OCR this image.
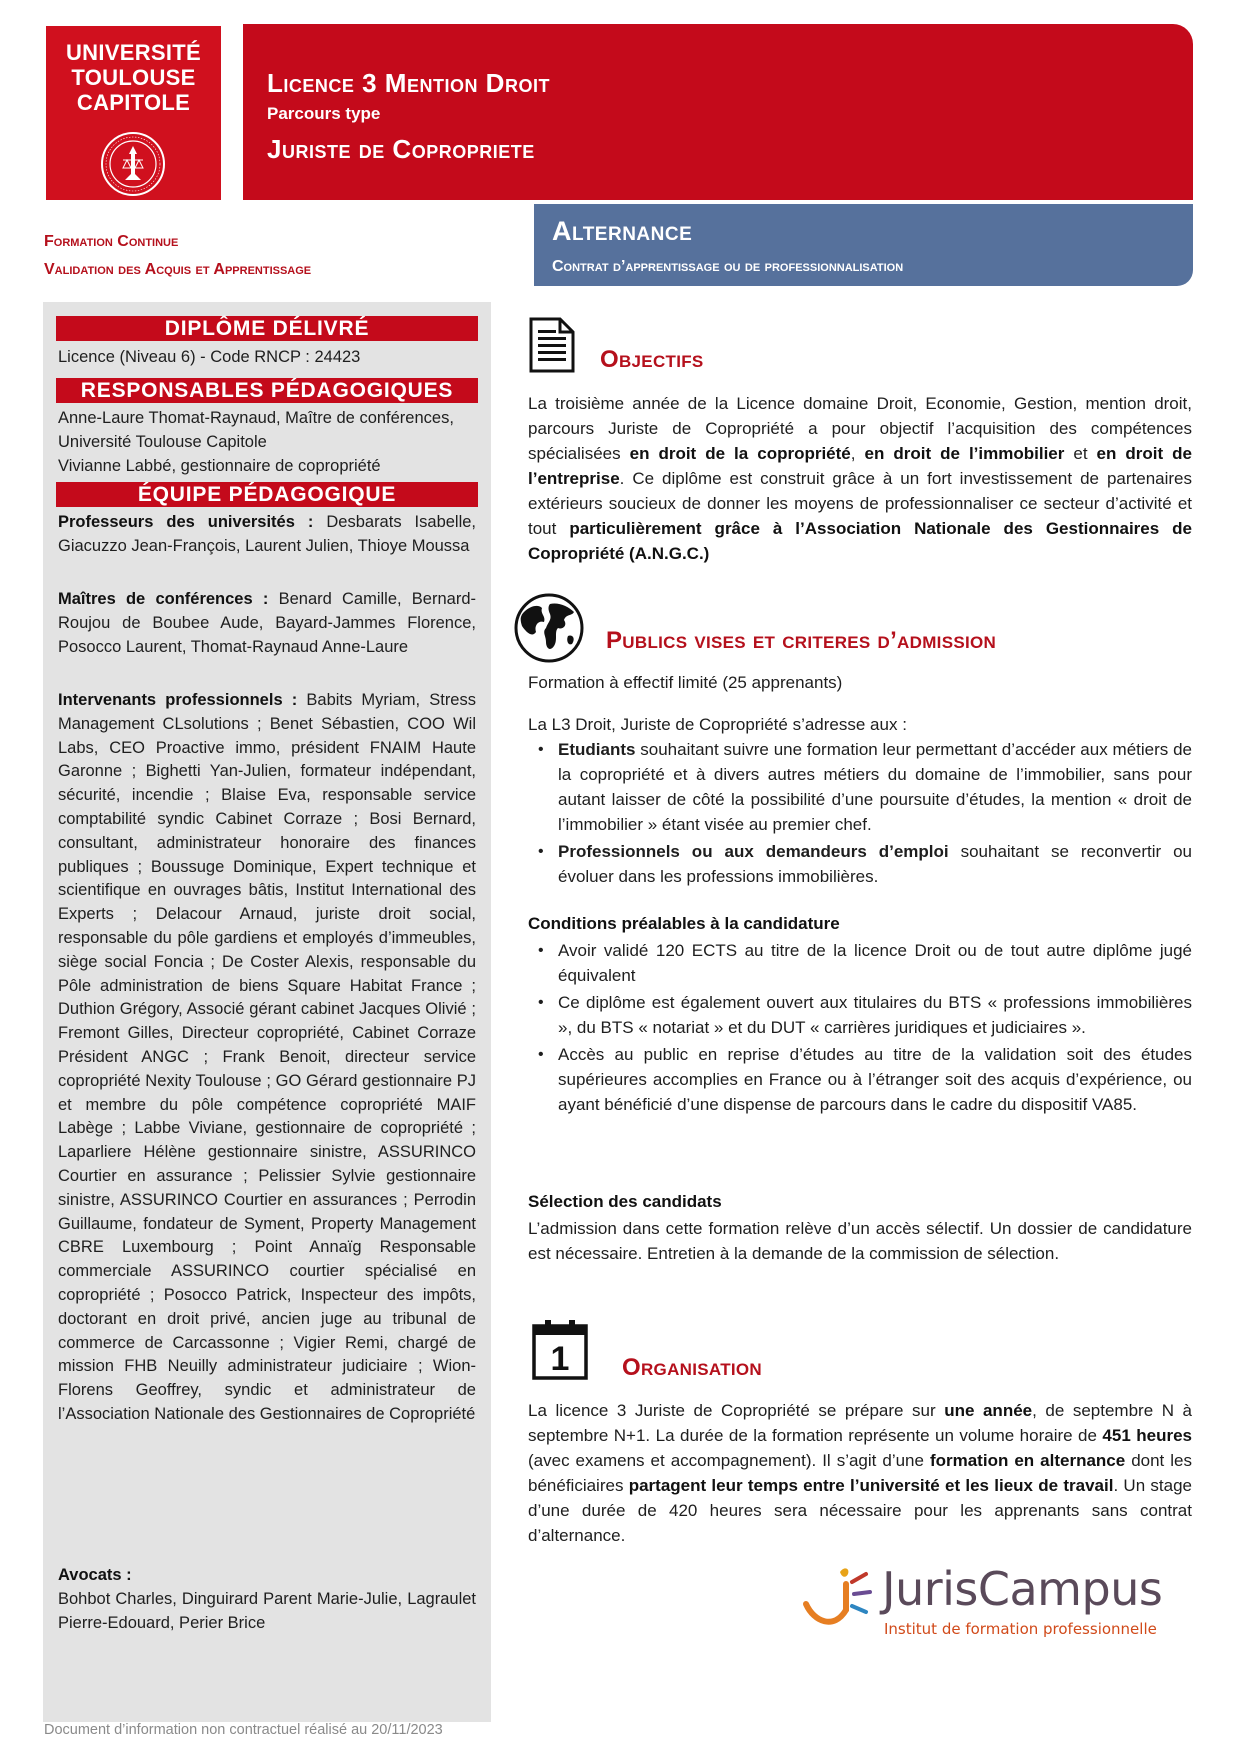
UNIVERSITÉ
TOULOUSE
CAPITOLE
Licence 3 Mention Droit
Parcours type
Juriste de Copropriete
Formation Continue
Validation des Acquis et Apprentissage
Alternance
Contrat d’apprentissage ou de professionnalisation
DIPLÔME DÉLIVRÉ
Licence (Niveau 6) - Code RNCP : 24423
RESPONSABLES PÉDAGOGIQUES
Anne-Laure Thomat-Raynaud, Maître de conférences, Université Toulouse Capitole
Vivianne Labbé, gestionnaire de copropriété
ÉQUIPE PÉDAGOGIQUE
Professeurs des universités : Desbarats Isabelle, Giacuzzo Jean-François, Laurent Julien, Thioye Moussa
Maîtres de conférences : Benard Camille, Bernard-Roujou de Boubee Aude, Bayard-Jammes Florence, Posocco Laurent, Thomat-Raynaud Anne-Laure
Intervenants professionnels : Babits Myriam, Stress Management CLsolutions ; Benet Sébastien, COO Wil Labs, CEO Proactive immo, président FNAIM Haute Garonne ; Bighetti Yan-Julien, formateur indépendant, sécurité, incendie ; Blaise Eva, responsable service comptabilité syndic Cabinet Corraze ; Bosi Bernard, consultant, administrateur honoraire des finances publiques ; Boussuge Dominique, Expert technique et scientifique en ouvrages bâtis, Institut International des Experts ; Delacour Arnaud, juriste droit social, responsable du pôle gardiens et employés d’immeubles, siège social Foncia ; De Coster Alexis, responsable du Pôle administration de biens Square Habitat France ; Duthion Grégory, Associé gérant cabinet Jacques Olivié ; Fremont Gilles, Directeur copropriété, Cabinet Corraze Président ANGC ; Frank Benoit, directeur service copropriété Nexity Toulouse ; GO Gérard gestionnaire PJ et membre du pôle compétence copropriété MAIF Labège ; Labbe Viviane, gestionnaire de copropriété ; Laparliere Hélène gestionnaire sinistre, ASSURINCO Courtier en assurance ; Pelissier Sylvie gestionnaire sinistre, ASSURINCO Courtier en assurances ; Perrodin Guillaume, fondateur de Syment, Property Management CBRE Luxembourg ; Point Annaïg Responsable commerciale ASSURINCO courtier spécialisé en copropriété ; Posocco Patrick, Inspecteur des impôts, doctorant en droit privé, ancien juge au tribunal de commerce de Carcassonne ; Vigier Remi, chargé de mission FHB Neuilly administrateur judiciaire ; Wion-Florens Geoffrey, syndic et administrateur de l’Association Nationale des Gestionnaires de Copropriété
Avocats :
Bohbot Charles, Dinguirard Parent Marie-Julie, Lagraulet Pierre-Edouard, Perier Brice
Objectifs
La troisième année de la Licence domaine Droit, Economie, Gestion, mention droit, parcours Juriste de Copropriété a pour objectif l’acquisition des compétences spécialisées en droit de la copropriété, en droit de l’immobilier et en droit de l’entreprise. Ce diplôme est construit grâce à un fort investissement de partenaires extérieurs soucieux de donner les moyens de professionnaliser ce secteur d’activité et tout particulièrement grâce à l’Association Nationale des Gestionnaires de Copropriété (A.N.G.C.)
Publics vises et criteres d’admission
Formation à effectif limité (25 apprenants)
La L3 Droit, Juriste de Copropriété s’adresse aux :
• Etudiants souhaitant suivre une formation leur permettant d’accéder aux métiers de la copropriété et à divers autres métiers du domaine de l’immobilier, sans pour autant laisser de côté la possibilité d’une poursuite d’études, la mention « droit de l’immobilier » étant visée au premier chef.
• Professionnels ou aux demandeurs d’emploi souhaitant se reconvertir ou évoluer dans les professions immobilières.
Conditions préalables à la candidature
• Avoir validé 120 ECTS au titre de la licence Droit ou de tout autre diplôme jugé équivalent
• Ce diplôme est également ouvert aux titulaires du BTS « professions immobilières », du BTS « notariat » et du DUT « carrières juridiques et judiciaires ».
• Accès au public en reprise d’études au titre de la validation soit des études supérieures accomplies en France ou à l’étranger soit des acquis d’expérience, ou ayant bénéficié d’une dispense de parcours dans le cadre du dispositif VA85.
Sélection des candidats
L’admission dans cette formation relève d’un accès sélectif. Un dossier de candidature est nécessaire. Entretien à la demande de la commission de sélection.
1 Organisation
La licence 3 Juriste de Copropriété se prépare sur une année, de septembre N à septembre N+1. La durée de la formation représente un volume horaire de 451 heures (avec examens et accompagnement). Il s’agit d’une formation en alternance dont les bénéficiaires partagent leur temps entre l’université et les lieux de travail. Un stage d’une durée de 420 heures sera nécessaire pour les apprenants sans contrat d’alternance.
JurisCampus
Institut de formation professionnelle
Document d’information non contractuel réalisé au 20/11/2023
